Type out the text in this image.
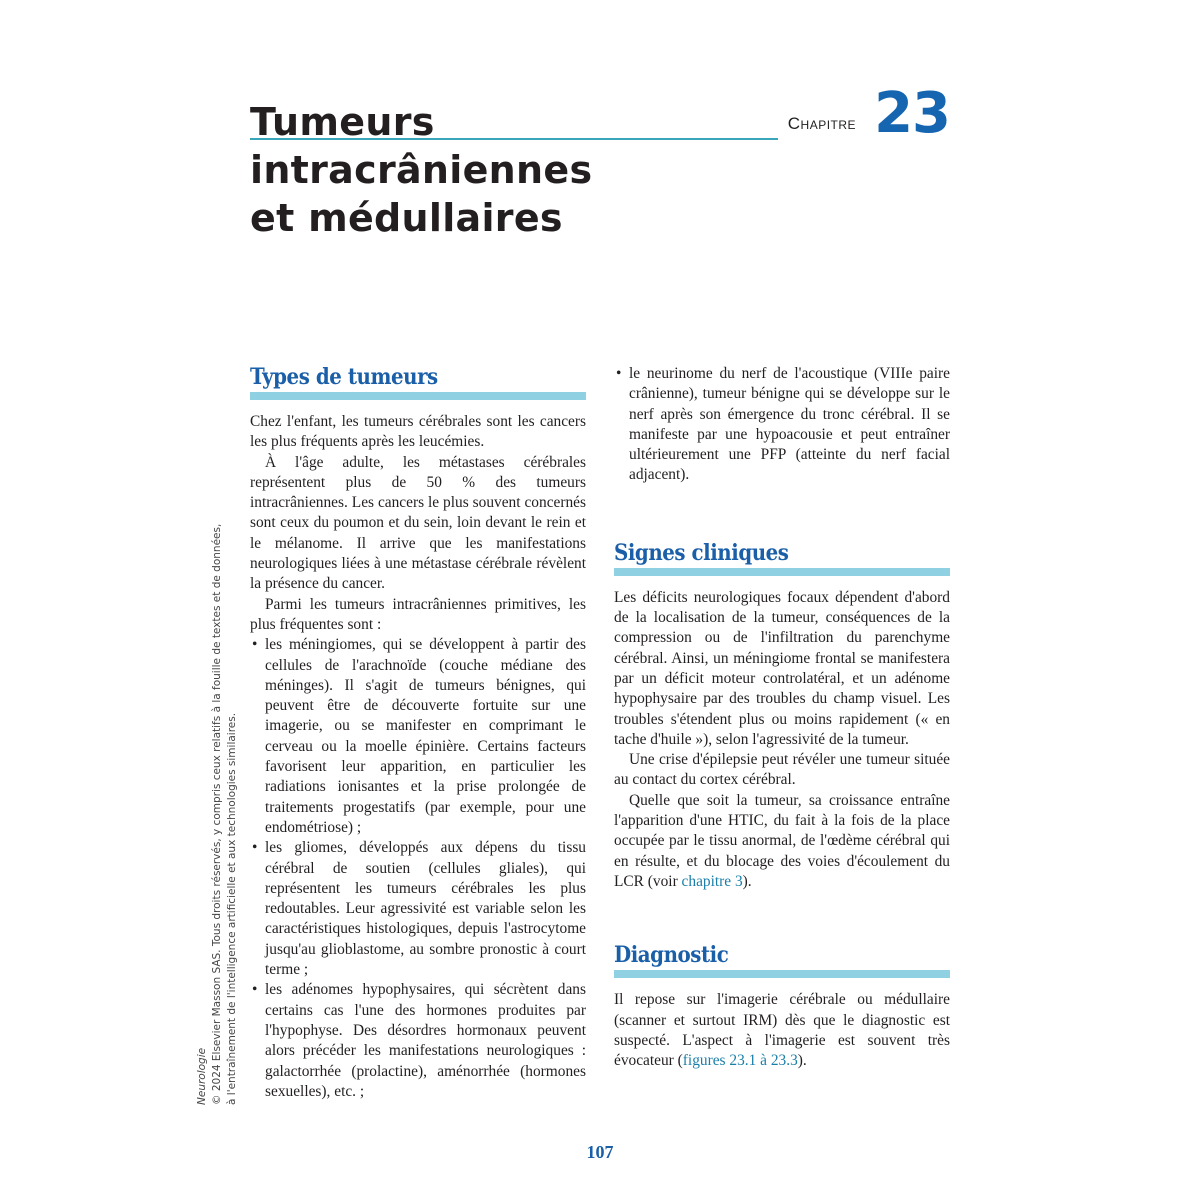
Tumeurs
intracrâniennes
et médullaires
Chapitre 23
Types de tumeurs

Chez l'enfant, les tumeurs cérébrales sont les cancers les plus fréquents après les leucémies.

À l'âge adulte, les métastases cérébrales représentent plus de 50 % des tumeurs intracrâniennes. Les cancers le plus souvent concernés sont ceux du poumon et du sein, loin devant le rein et le mélanome. Il arrive que les manifestations neurologiques liées à une métastase cérébrale révèlent la présence du cancer.

Parmi les tumeurs intracrâniennes primitives, les plus fréquentes sont :

• les méningiomes, qui se développent à partir des cellules de l'arachnoïde (couche médiane des méninges). Il s'agit de tumeurs bénignes, qui peuvent être de découverte fortuite sur une imagerie, ou se manifester en comprimant le cerveau ou la moelle épinière. Certains facteurs favorisent leur apparition, en particulier les radiations ionisantes et la prise prolongée de traitements progestatifs (par exemple, pour une endométriose) ;
• les gliomes, développés aux dépens du tissu cérébral de soutien (cellules gliales), qui représentent les tumeurs cérébrales les plus redoutables. Leur agressivité est variable selon les caractéristiques histologiques, depuis l'astrocytome jusqu'au glioblastome, au sombre pronostic à court terme ;
• les adénomes hypophysaires, qui sécrètent dans certains cas l'une des hormones produites par l'hypophyse. Des désordres hormonaux peuvent alors précéder les manifestations neurologiques : galactorrhée (prolactine), aménorrhée (hormones sexuelles), etc. ;
• le neurinome du nerf de l'acoustique (VIIIe paire crânienne), tumeur bénigne qui se développe sur le nerf après son émergence du tronc cérébral. Il se manifeste par une hypoacousie et peut entraîner ultérieurement une PFP (atteinte du nerf facial adjacent).
Signes cliniques

Les déficits neurologiques focaux dépendent d'abord de la localisation de la tumeur, conséquences de la compression ou de l'infiltration du parenchyme cérébral. Ainsi, un méningiome frontal se manifestera par un déficit moteur controlatéral, et un adénome hypophysaire par des troubles du champ visuel. Les troubles s'étendent plus ou moins rapidement (« en tache d'huile »), selon l'agressivité de la tumeur.

Une crise d'épilepsie peut révéler une tumeur située au contact du cortex cérébral.

Quelle que soit la tumeur, sa croissance entraîne l'apparition d'une HTIC, du fait à la fois de la place occupée par le tissu anormal, de l'œdème cérébral qui en résulte, et du blocage des voies d'écoulement du LCR (voir chapitre 3).

Diagnostic

Il repose sur l'imagerie cérébrale ou médullaire (scanner et surtout IRM) dès que le diagnostic est suspecté. L'aspect à l'imagerie est souvent très évocateur (figures 23.1 à 23.3).

Neurologie © 2024 Elsevier Masson SAS. Tous droits réservés, y compris ceux relatifs à la fouille de textes et de données, à l'entraînement de l'intelligence artificielle et aux technologies similaires.
107
